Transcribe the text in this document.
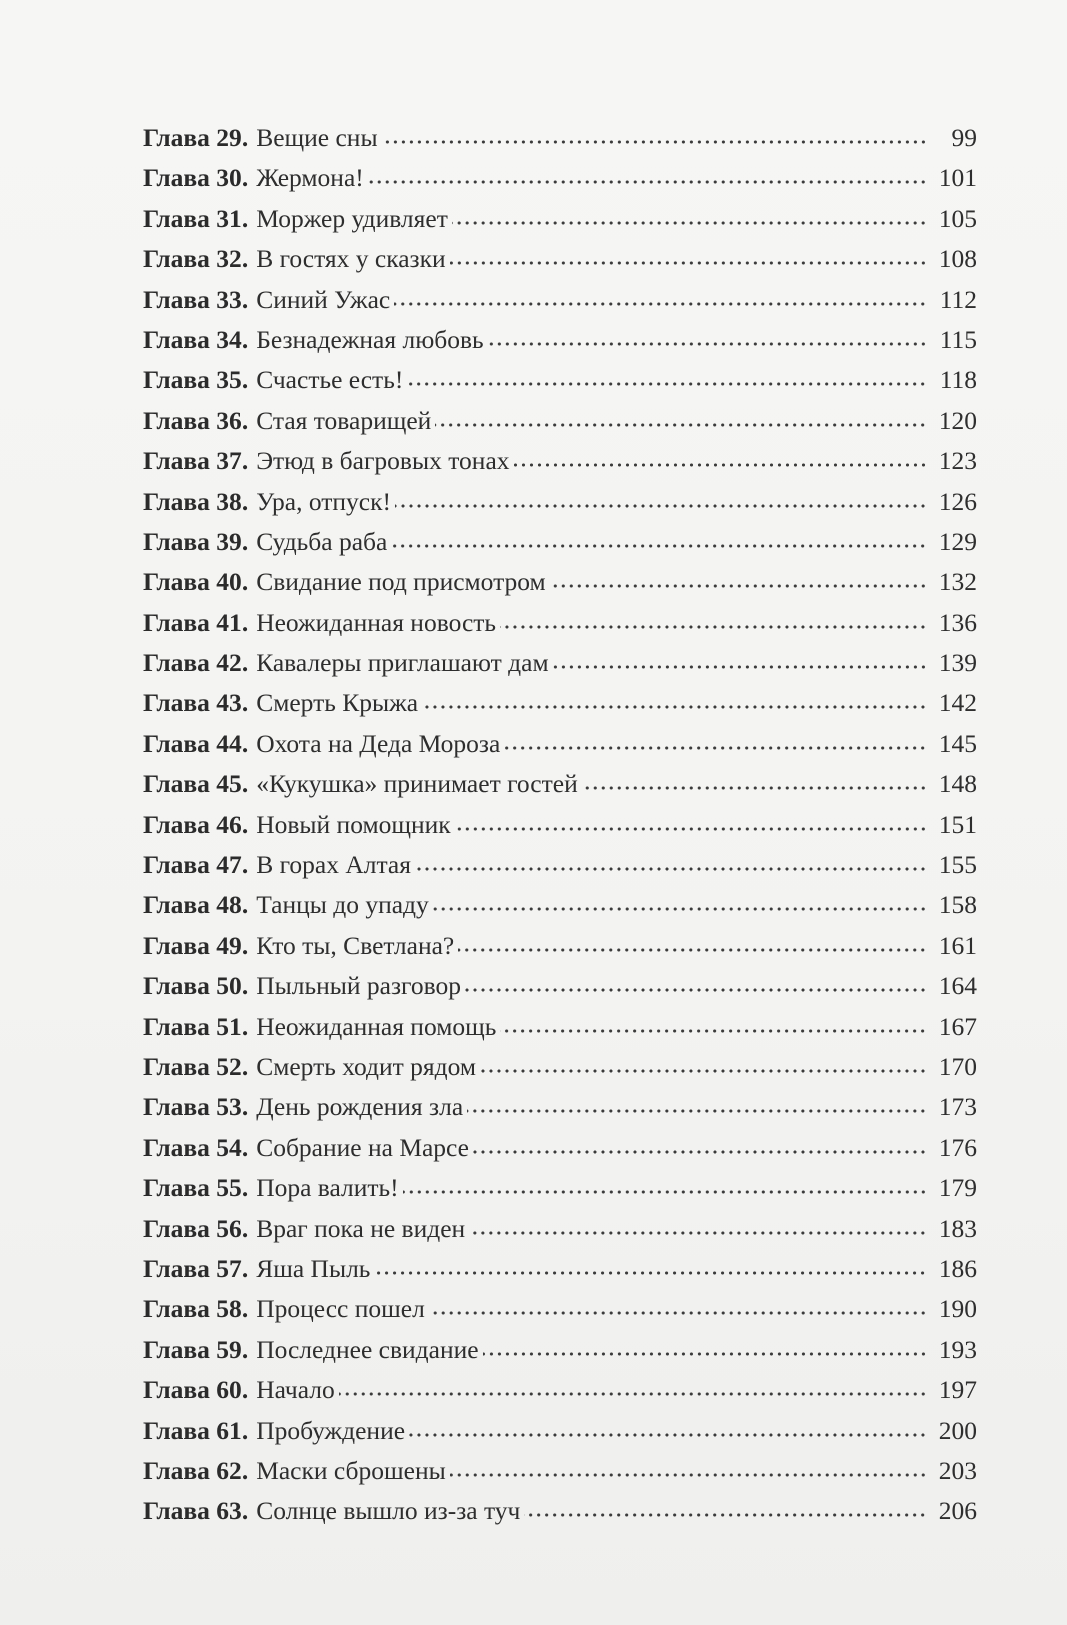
Глава 29 . Вещие сны	99
Глава 30 . Жермона!	101
Глава 31 . Моржер удивляет	105
Глава 32 . В гостях у сказки	108
Глава 33 . Синий Ужас	112
Глава 34 . Безнадежная любовь	115
Глава 35 . Счастье есть!	118
Глава 36 . Стая товарищей	120
Глава 37 . Этюд в багровых тонах	123
Глава 38 . Ура, отпуск!	126
Глава 39 . Судьба раба	129
Глава 40 . Свидание под присмотром	132
Глава 41 . Неожиданная новость	136
Глава 42 . Кавалеры приглашают дам	139
Глава 43 . Смерть Крыжа	142
Глава 44 . Охота на Деда Мороза	145
Глава 45 . «Кукушка» принимает гостей	148
Глава 46 . Новый помощник	151
Глава 47 . В горах Алтая	155
Глава 48 . Танцы до упаду	158
Глава 49 . Кто ты, Светлана?	161
Глава 50 . Пыльный разговор	164
Глава 51 . Неожиданная помощь	167
Глава 52 . Смерть ходит рядом	170
Глава 53 . День рождения зла	173
Глава 54 . Собрание на Марсе	176
Глава 55 . Пора валить!	179
Глава 56 . Враг пока не виден	183
Глава 57 . Яша Пыль	186
Глава 58 . Процесс пошел	190
Глава 59 . Последнее свидание	193
Глава 60 . Начало	197
Глава 61 . Пробуждение	200
Глава 62 . Маски сброшены	203
Глава 63 . Солнце вышло из-за туч	206
